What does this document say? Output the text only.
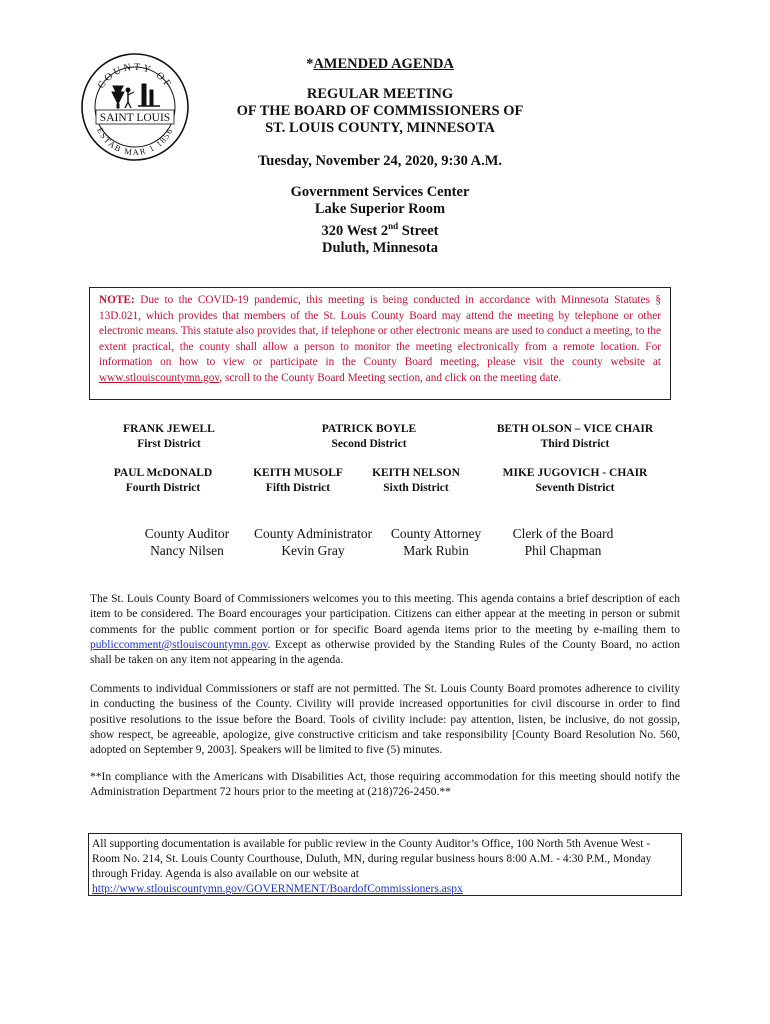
COUNTY OF
ESTAB MAR 1 1856
SAINT LOUIS
*AMENDED AGENDA
REGULAR MEETING
OF THE BOARD OF COMMISSIONERS OF
ST. LOUIS COUNTY, MINNESOTA
Tuesday, November 24, 2020, 9:30 A.M.
Government Services Center
Lake Superior Room
320 West 2nd Street
Duluth, Minnesota
NOTE: Due to the COVID-19 pandemic, this meeting is being conducted in accordance with Minnesota Statutes § 13D.021, which provides that members of the St. Louis County Board may attend the meeting by telephone or other electronic means. This statute also provides that, if telephone or other electronic means are used to conduct a meeting, to the extent practical, the county shall allow a person to monitor the meeting electronically from a remote location. For information on how to view or participate in the County Board meeting, please visit the county website at www.stlouiscountymn.gov, scroll to the County Board Meeting section, and click on the meeting date.
FRANK JEWELL
First District
PATRICK BOYLE
Second District
BETH OLSON – VICE CHAIR
Third District
PAUL McDONALD
Fourth District
KEITH MUSOLF
Fifth District
KEITH NELSON
Sixth District
MIKE JUGOVICH - CHAIR
Seventh District
County Auditor
Nancy Nilsen
County Administrator
Kevin Gray
County Attorney
Mark Rubin
Clerk of the Board
Phil Chapman
The St. Louis County Board of Commissioners welcomes you to this meeting. This agenda contains a brief description of each item to be considered. The Board encourages your participation. Citizens can either appear at the meeting in person or submit comments for the public comment portion or for specific Board agenda items prior to the meeting by e-mailing them to publiccomment@stlouiscountymn.gov. Except as otherwise provided by the Standing Rules of the County Board, no action shall be taken on any item not appearing in the agenda.
Comments to individual Commissioners or staff are not permitted. The St. Louis County Board promotes adherence to civility in conducting the business of the County. Civility will provide increased opportunities for civil discourse in order to find positive resolutions to the issue before the Board. Tools of civility include: pay attention, listen, be inclusive, do not gossip, show respect, be agreeable, apologize, give constructive criticism and take responsibility [County Board Resolution No. 560, adopted on September 9, 2003]. Speakers will be limited to five (5) minutes.
**In compliance with the Americans with Disabilities Act, those requiring accommodation for this meeting should notify the Administration Department 72 hours prior to the meeting at (218)726-2450.**
All supporting documentation is available for public review in the County Auditor’s Office, 100 North 5th Avenue West - Room No. 214, St. Louis County Courthouse, Duluth, MN, during regular business hours 8:00 A.M. - 4:30 P.M., Monday through Friday. Agenda is also available on our website at
http://www.stlouiscountymn.gov/GOVERNMENT/BoardofCommissioners.aspx
